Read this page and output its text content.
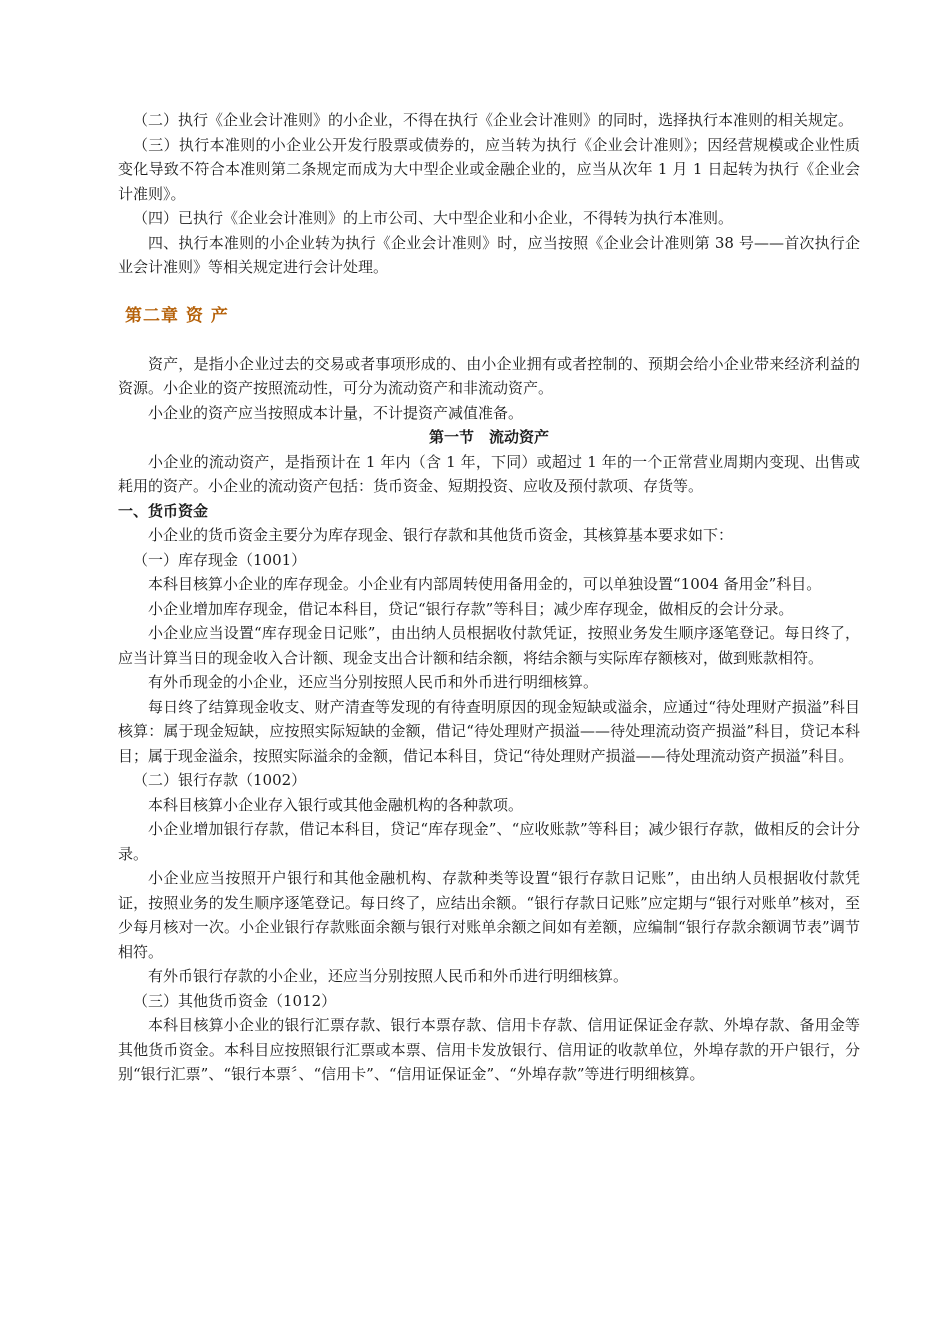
（二）执行《企业会计准则》的小企业，不得在执行《企业会计准则》的同时，选择执行本准则的相关规定。

（三）执行本准则的小企业公开发行股票或债券的，应当转为执行《企业会计准则》；因经营规模或企业性质变化导致不符合本准则第二条规定而成为大中型企业或金融企业的，应当从次年 1 月 1 日起转为执行《企业会计准则》。

（四）已执行《企业会计准则》的上市公司、大中型企业和小企业，不得转为执行本准则。

四、执行本准则的小企业转为执行《企业会计准则》时，应当按照《企业会计准则第 38 号——首次执行企业会计准则》等相关规定进行会计处理。

第二章 资 产

资产，是指小企业过去的交易或者事项形成的、由小企业拥有或者控制的、预期会给小企业带来经济利益的资源。小企业的资产按照流动性，可分为流动资产和非流动资产。

小企业的资产应当按照成本计量，不计提资产减值准备。

第一节　流动资产

小企业的流动资产，是指预计在 1 年内（含 1 年，下同）或超过 1 年的一个正常营业周期内变现、出售或耗用的资产。小企业的流动资产包括：货币资金、短期投资、应收及预付款项、存货等。

一、货币资金

小企业的货币资金主要分为库存现金、银行存款和其他货币资金，其核算基本要求如下：

（一）库存现金（1001）

本科目核算小企业的库存现金。小企业有内部周转使用备用金的，可以单独设置“1004 备用金”科目。

小企业增加库存现金，借记本科目，贷记“银行存款”等科目；减少库存现金，做相反的会计分录。

小企业应当设置“库存现金日记账”，由出纳人员根据收付款凭证，按照业务发生顺序逐笔登记。每日终了，应当计算当日的现金收入合计额、现金支出合计额和结余额，将结余额与实际库存额核对，做到账款相符。

有外币现金的小企业，还应当分别按照人民币和外币进行明细核算。

每日终了结算现金收支、财产清查等发现的有待查明原因的现金短缺或溢余，应通过“待处理财产损溢”科目核算：属于现金短缺，应按照实际短缺的金额，借记“待处理财产损溢——待处理流动资产损溢”科目，贷记本科目；属于现金溢余，按照实际溢余的金额，借记本科目，贷记“待处理财产损溢——待处理流动资产损溢”科目。

（二）银行存款（1002）

本科目核算小企业存入银行或其他金融机构的各种款项。

小企业增加银行存款，借记本科目，贷记“库存现金”、“应收账款”等科目；减少银行存款，做相反的会计分录。

小企业应当按照开户银行和其他金融机构、存款种类等设置“银行存款日记账”，由出纳人员根据收付款凭证，按照业务的发生顺序逐笔登记。每日终了，应结出余额。“银行存款日记账”应定期与“银行对账单”核对，至少每月核对一次。小企业银行存款账面余额与银行对账单余额之间如有差额，应编制“银行存款余额调节表”调节相符。

有外币银行存款的小企业，还应当分别按照人民币和外币进行明细核算。

（三）其他货币资金（1012）

本科目核算小企业的银行汇票存款、银行本票存款、信用卡存款、信用证保证金存款、外埠存款、备用金等其他货币资金。本科目应按照银行汇票或本票、信用卡发放银行、信用证的收款单位，外埠存款的开户银行，分别“银行汇票”、“银行本票〞、“信用卡”、“信用证保证金”、“外埠存款”等进行明细核算。
